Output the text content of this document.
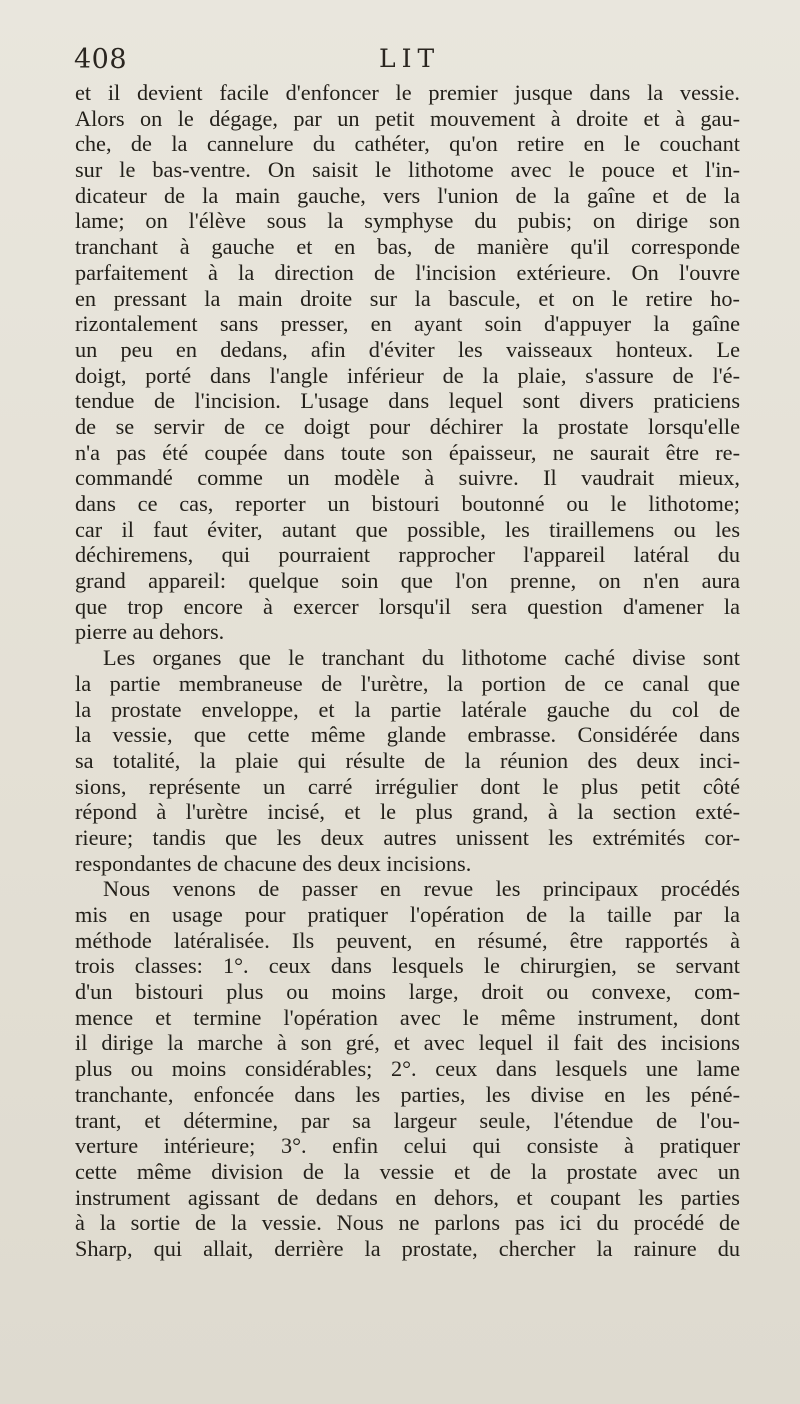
408	LIT
et il devient facile d'enfoncer le premier jusque dans la vessie.
Alors on le dégage, par un petit mouvement à droite et à gau-
che, de la cannelure du cathéter, qu'on retire en le couchant
sur le bas-ventre. On saisit le lithotome avec le pouce et l'in-
dicateur de la main gauche, vers l'union de la gaîne et de la
lame; on l'élève sous la symphyse du pubis; on dirige son
tranchant à gauche et en bas, de manière qu'il corresponde
parfaitement à la direction de l'incision extérieure. On l'ouvre
en pressant la main droite sur la bascule, et on le retire ho-
rizontalement sans presser, en ayant soin d'appuyer la gaîne
un peu en dedans, afin d'éviter les vaisseaux honteux. Le
doigt, porté dans l'angle inférieur de la plaie, s'assure de l'é-
tendue de l'incision. L'usage dans lequel sont divers praticiens
de se servir de ce doigt pour déchirer la prostate lorsqu'elle
n'a pas été coupée dans toute son épaisseur, ne saurait être re-
commandé comme un modèle à suivre. Il vaudrait mieux,
dans ce cas, reporter un bistouri boutonné ou le lithotome;
car il faut éviter, autant que possible, les tiraillemens ou les
déchiremens, qui pourraient rapprocher l'appareil latéral du
grand appareil: quelque soin que l'on prenne, on n'en aura
que trop encore à exercer lorsqu'il sera question d'amener la
pierre au dehors.
Les organes que le tranchant du lithotome caché divise sont
la partie membraneuse de l'urètre, la portion de ce canal que
la prostate enveloppe, et la partie latérale gauche du col de
la vessie, que cette même glande embrasse. Considérée dans
sa totalité, la plaie qui résulte de la réunion des deux inci-
sions, représente un carré irrégulier dont le plus petit côté
répond à l'urètre incisé, et le plus grand, à la section exté-
rieure; tandis que les deux autres unissent les extrémités cor-
respondantes de chacune des deux incisions.
Nous venons de passer en revue les principaux procédés
mis en usage pour pratiquer l'opération de la taille par la
méthode latéralisée. Ils peuvent, en résumé, être rapportés à
trois classes: 1°. ceux dans lesquels le chirurgien, se servant
d'un bistouri plus ou moins large, droit ou convexe, com-
mence et termine l'opération avec le même instrument, dont
il dirige la marche à son gré, et avec lequel il fait des incisions
plus ou moins considérables; 2°. ceux dans lesquels une lame
tranchante, enfoncée dans les parties, les divise en les péné-
trant, et détermine, par sa largeur seule, l'étendue de l'ou-
verture intérieure; 3°. enfin celui qui consiste à pratiquer
cette même division de la vessie et de la prostate avec un
instrument agissant de dedans en dehors, et coupant les parties
à la sortie de la vessie. Nous ne parlons pas ici du procédé de
Sharp, qui allait, derrière la prostate, chercher la rainure du
